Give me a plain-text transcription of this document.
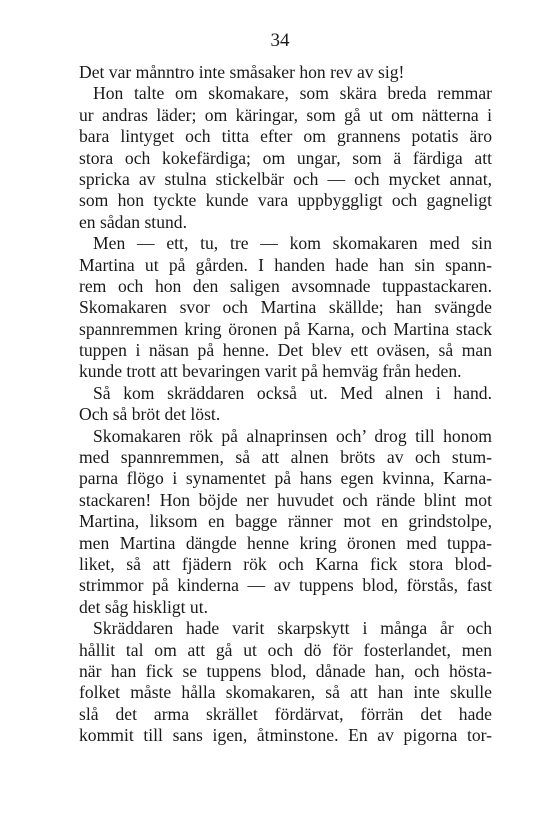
34
Det var månntro inte småsaker hon rev av sig!
Hon talte om skomakare, som skära breda remmar
ur andras läder; om käringar, som gå ut om nätterna i
bara lintyget och titta efter om grannens potatis äro
stora och kokefärdiga; om ungar, som ä färdiga att
spricka av stulna stickelbär och — och mycket annat,
som hon tyckte kunde vara uppbyggligt och gagneligt
en sådan stund.
Men — ett, tu, tre — kom skomakaren med sin
Martina ut på gården. I handen hade han sin spann-
rem och hon den saligen avsomnade tuppastackaren.
Skomakaren svor och Martina skällde; han svängde
spannremmen kring öronen på Karna, och Martina stack
tuppen i näsan på henne. Det blev ett oväsen, så man
kunde trott att bevaringen varit på hemväg från heden.
Så kom skräddaren också ut. Med alnen i hand.
Och så bröt det löst.
Skomakaren rök på alnaprinsen och’ drog till honom
med spannremmen, så att alnen bröts av och stum-
parna flögo i synamentet på hans egen kvinna, Karna-
stackaren! Hon böjde ner huvudet och rände blint mot
Martina, liksom en bagge ränner mot en grindstolpe,
men Martina dängde henne kring öronen med tuppa-
liket, så att fjädern rök och Karna fick stora blod-
strimmor på kinderna — av tuppens blod, förstås, fast
det såg hiskligt ut.
Skräddaren hade varit skarpskytt i många år och
hållit tal om att gå ut och dö för fosterlandet, men
när han fick se tuppens blod, dånade han, och hösta-
folket måste hålla skomakaren, så att han inte skulle
slå det arma skrället fördärvat, förrän det hade
kommit till sans igen, åtminstone. En av pigorna tor-
